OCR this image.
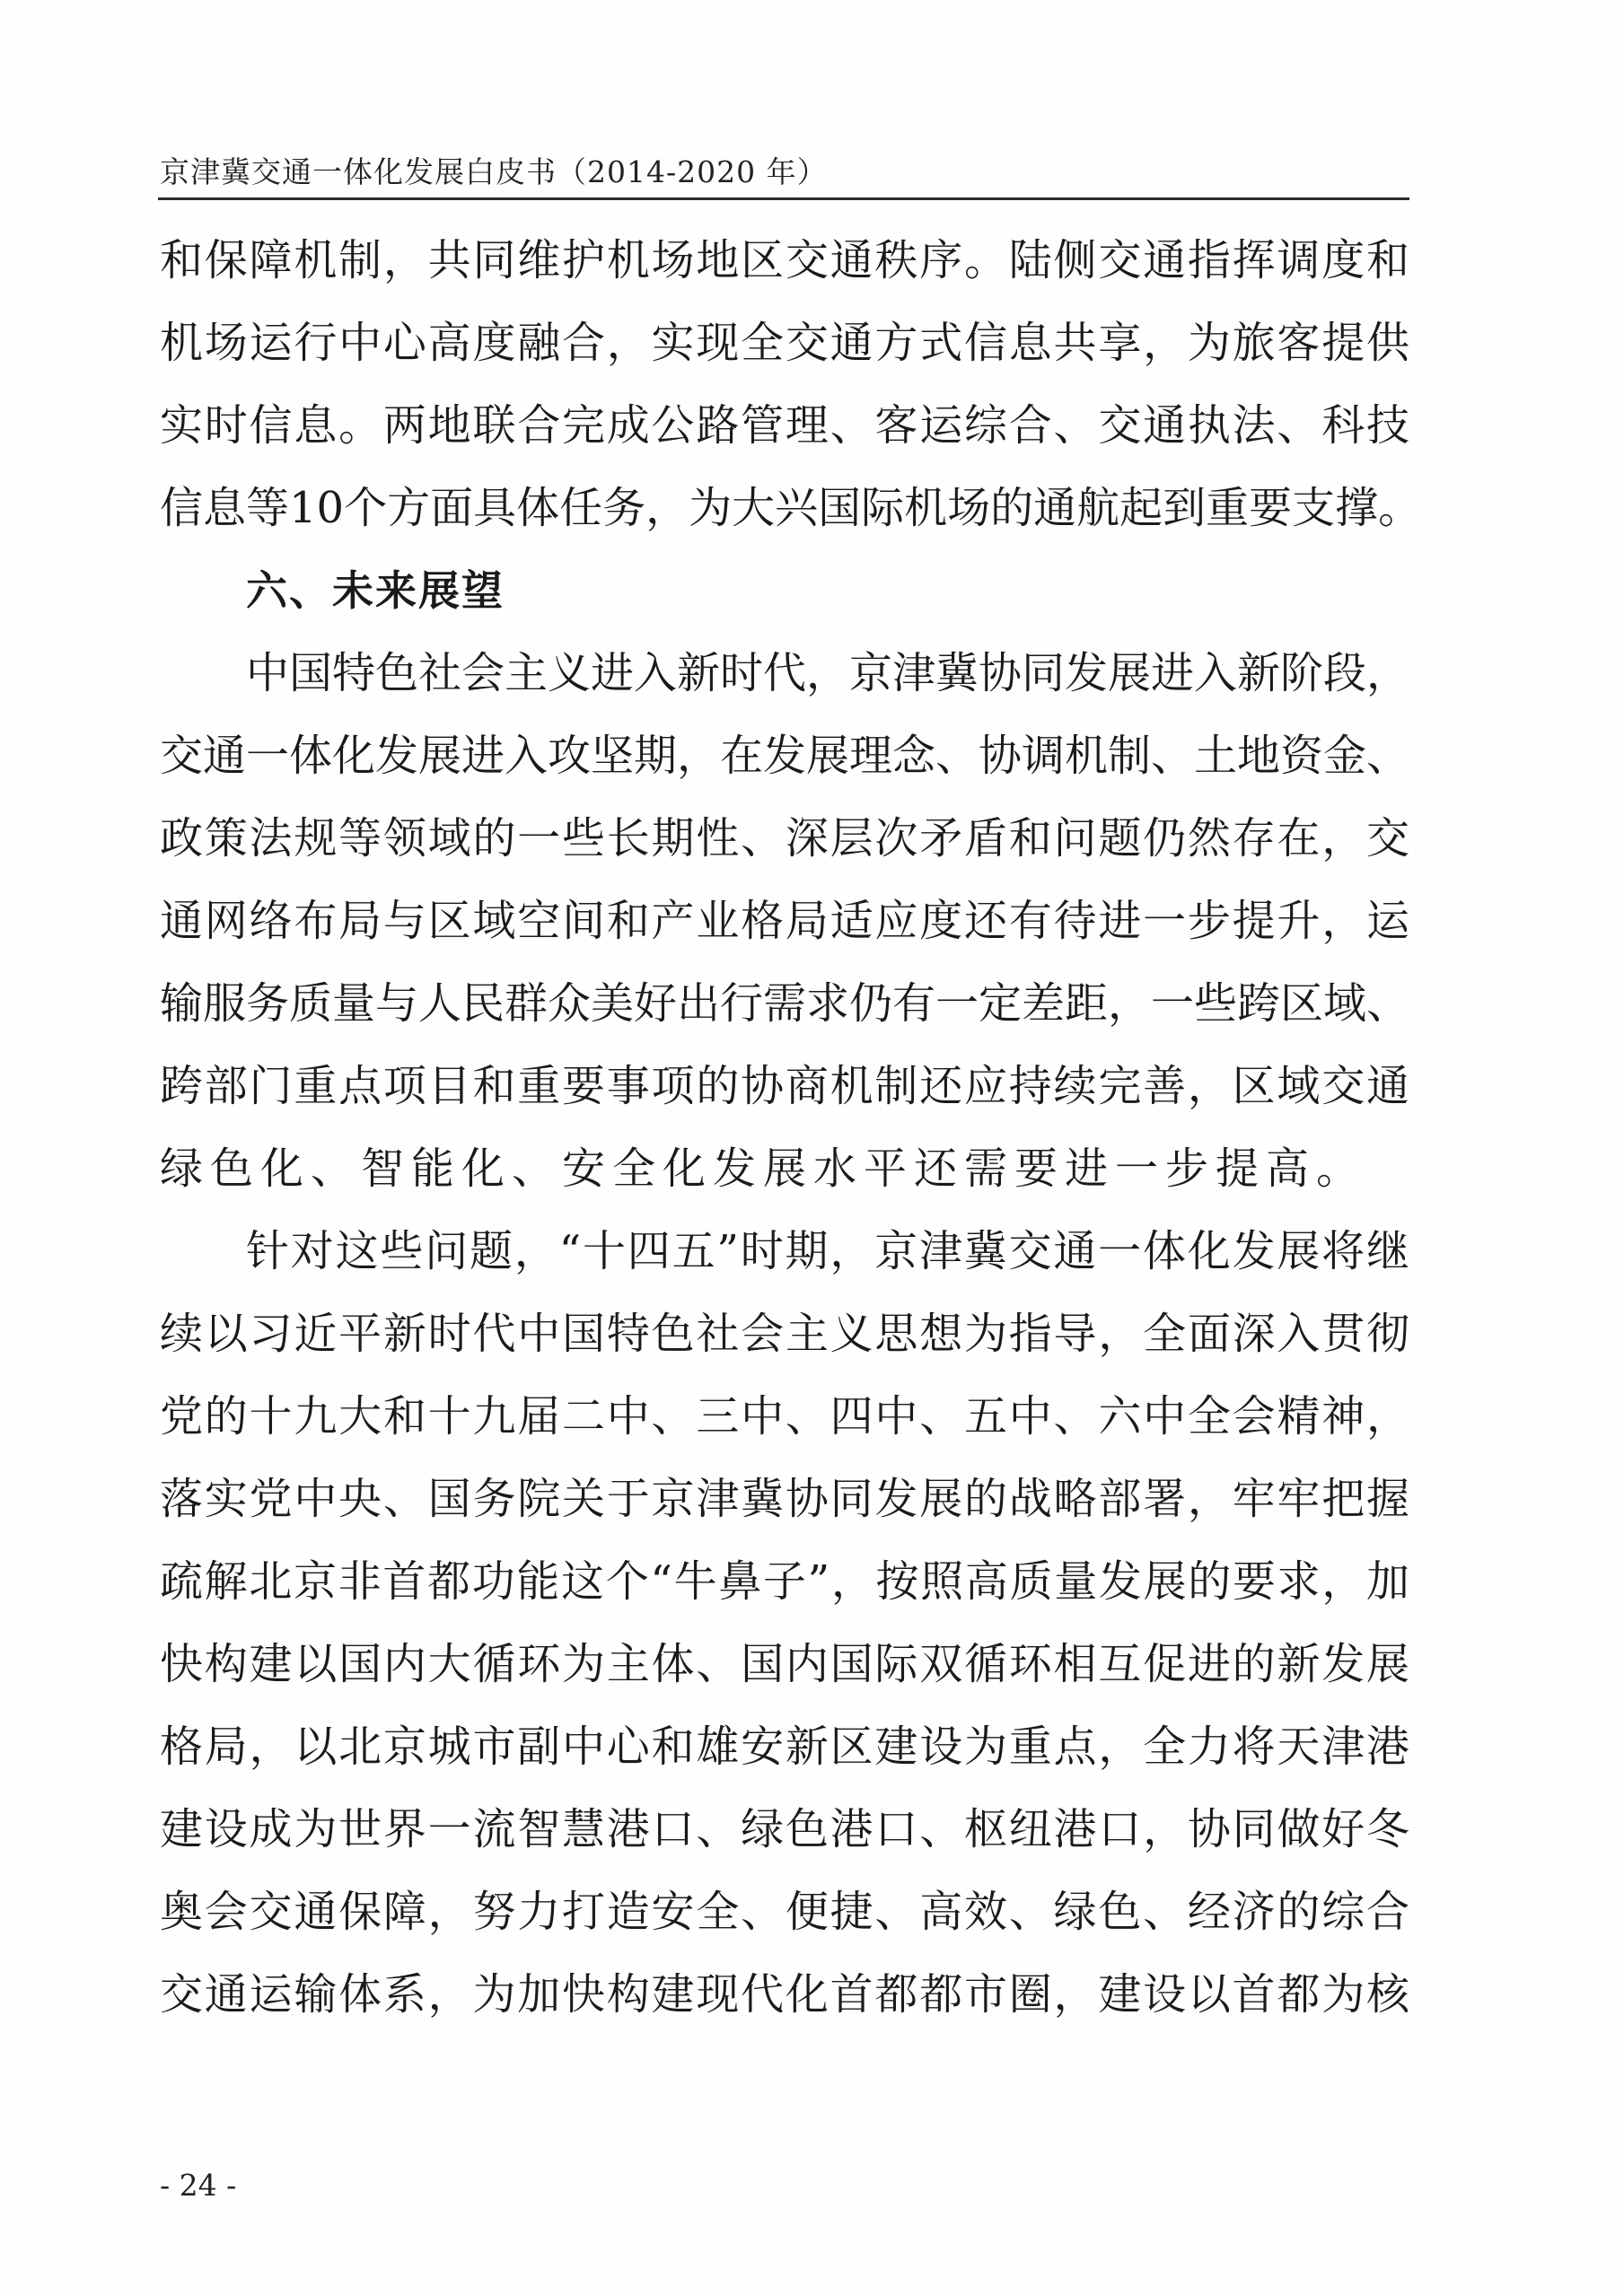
京津冀交通一体化发展白皮书（2014-2020 年）
和保障机制，共同维护机场地区交通秩序。陆侧交通指挥调度和
机场运行中心高度融合，实现全交通方式信息共享，为旅客提供
实时信息。两地联合完成公路管理、客运综合、交通执法、科技
信息等10个方面具体任务，为大兴国际机场的通航起到重要支撑。
六、未来展望
中国特色社会主义进入新时代，京津冀协同发展进入新阶段，
交通一体化发展进入攻坚期，在发展理念、协调机制、土地资金、
政策法规等领域的一些长期性、深层次矛盾和问题仍然存在，交
通网络布局与区域空间和产业格局适应度还有待进一步提升，运
输服务质量与人民群众美好出行需求仍有一定差距，一些跨区域、
跨部门重点项目和重要事项的协商机制还应持续完善，区域交通
绿色化、智能化、安全化发展水平还需要进一步提高。
针对这些问题，“十四五”时期，京津冀交通一体化发展将继
续以习近平新时代中国特色社会主义思想为指导，全面深入贯彻
党的十九大和十九届二中、三中、四中、五中、六中全会精神，
落实党中央、国务院关于京津冀协同发展的战略部署，牢牢把握
疏解北京非首都功能这个“牛鼻子”，按照高质量发展的要求，加
快构建以国内大循环为主体、国内国际双循环相互促进的新发展
格局，以北京城市副中心和雄安新区建设为重点，全力将天津港
建设成为世界一流智慧港口、绿色港口、枢纽港口，协同做好冬
奥会交通保障，努力打造安全、便捷、高效、绿色、经济的综合
交通运输体系，为加快构建现代化首都都市圈，建设以首都为核
- 24 -
